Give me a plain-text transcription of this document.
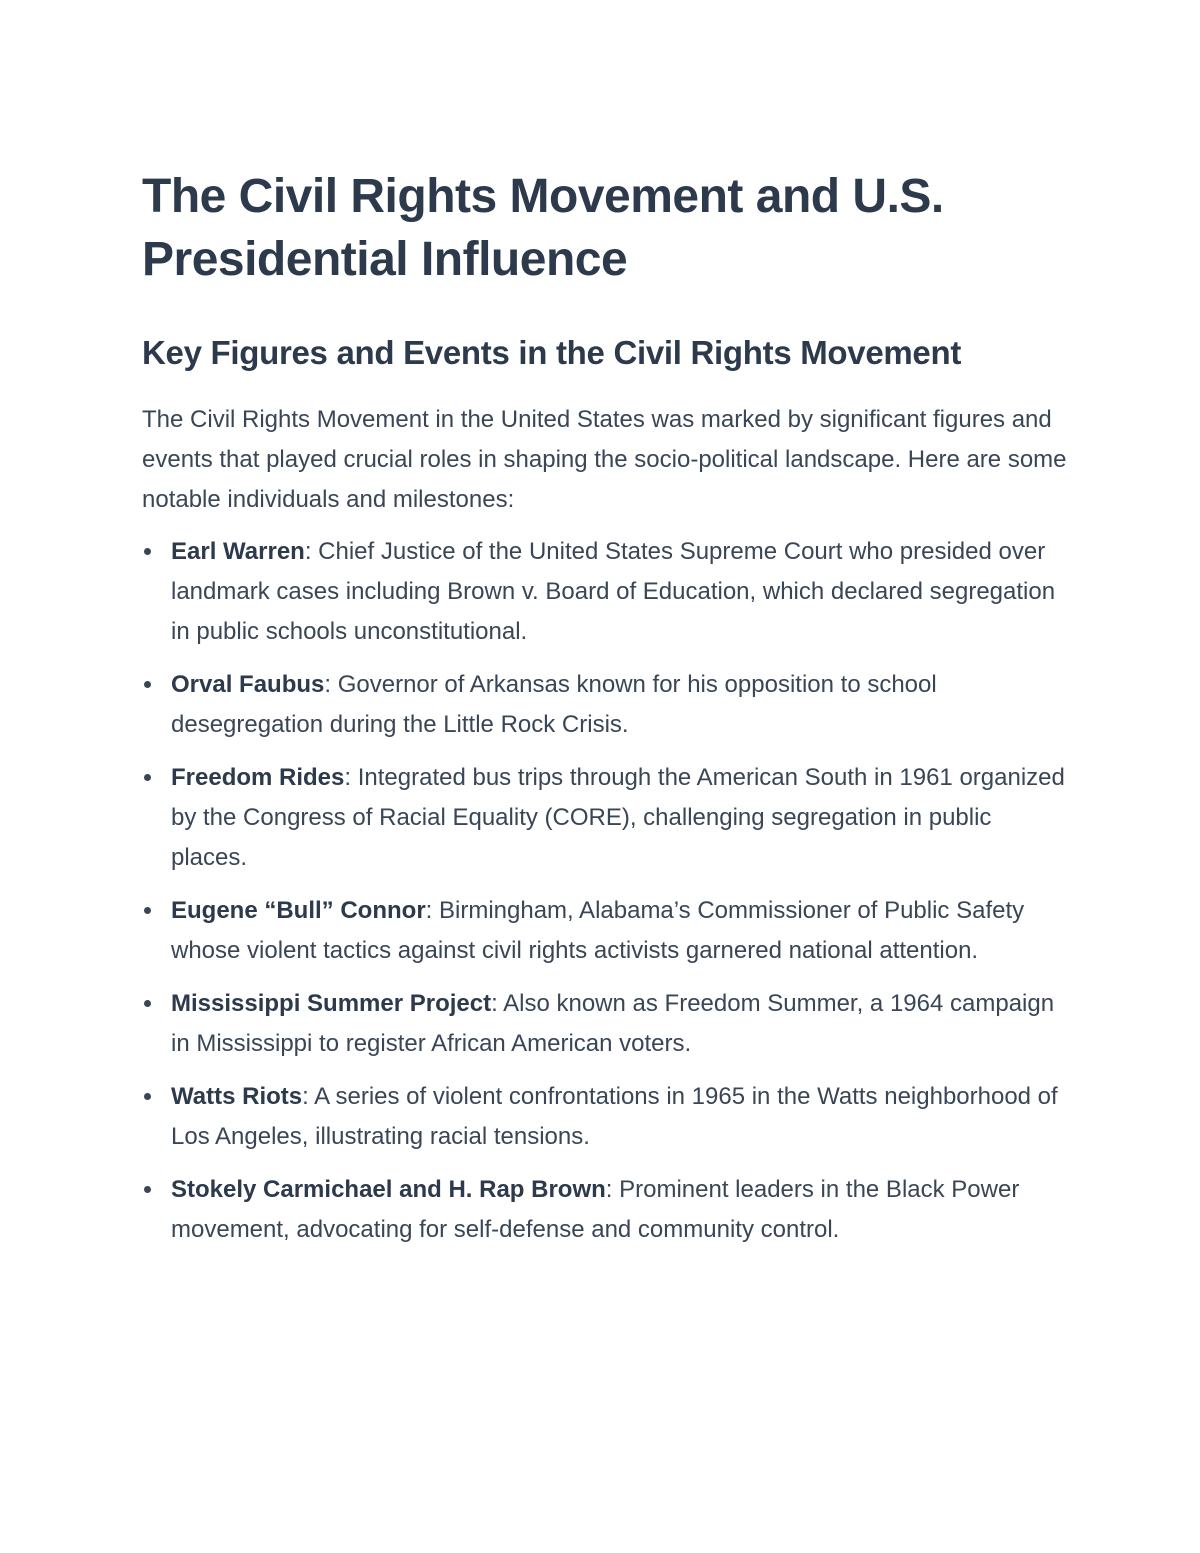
The Civil Rights Movement and U.S. Presidential Influence
Key Figures and Events in the Civil Rights Movement

The Civil Rights Movement in the United States was marked by significant figures and events that played crucial roles in shaping the socio-political landscape. Here are some notable individuals and milestones:

Earl Warren: Chief Justice of the United States Supreme Court who presided over landmark cases including Brown v. Board of Education, which declared segregation in public schools unconstitutional.
Orval Faubus: Governor of Arkansas known for his opposition to school desegregation during the Little Rock Crisis.
Freedom Rides: Integrated bus trips through the American South in 1961 organized by the Congress of Racial Equality (CORE), challenging segregation in public places.
Eugene “Bull” Connor: Birmingham, Alabama’s Commissioner of Public Safety whose violent tactics against civil rights activists garnered national attention.
Mississippi Summer Project: Also known as Freedom Summer, a 1964 campaign in Mississippi to register African American voters.
Watts Riots: A series of violent confrontations in 1965 in the Watts neighborhood of Los Angeles, illustrating racial tensions.
Stokely Carmichael and H. Rap Brown: Prominent leaders in the Black Power movement, advocating for self-defense and community control.
